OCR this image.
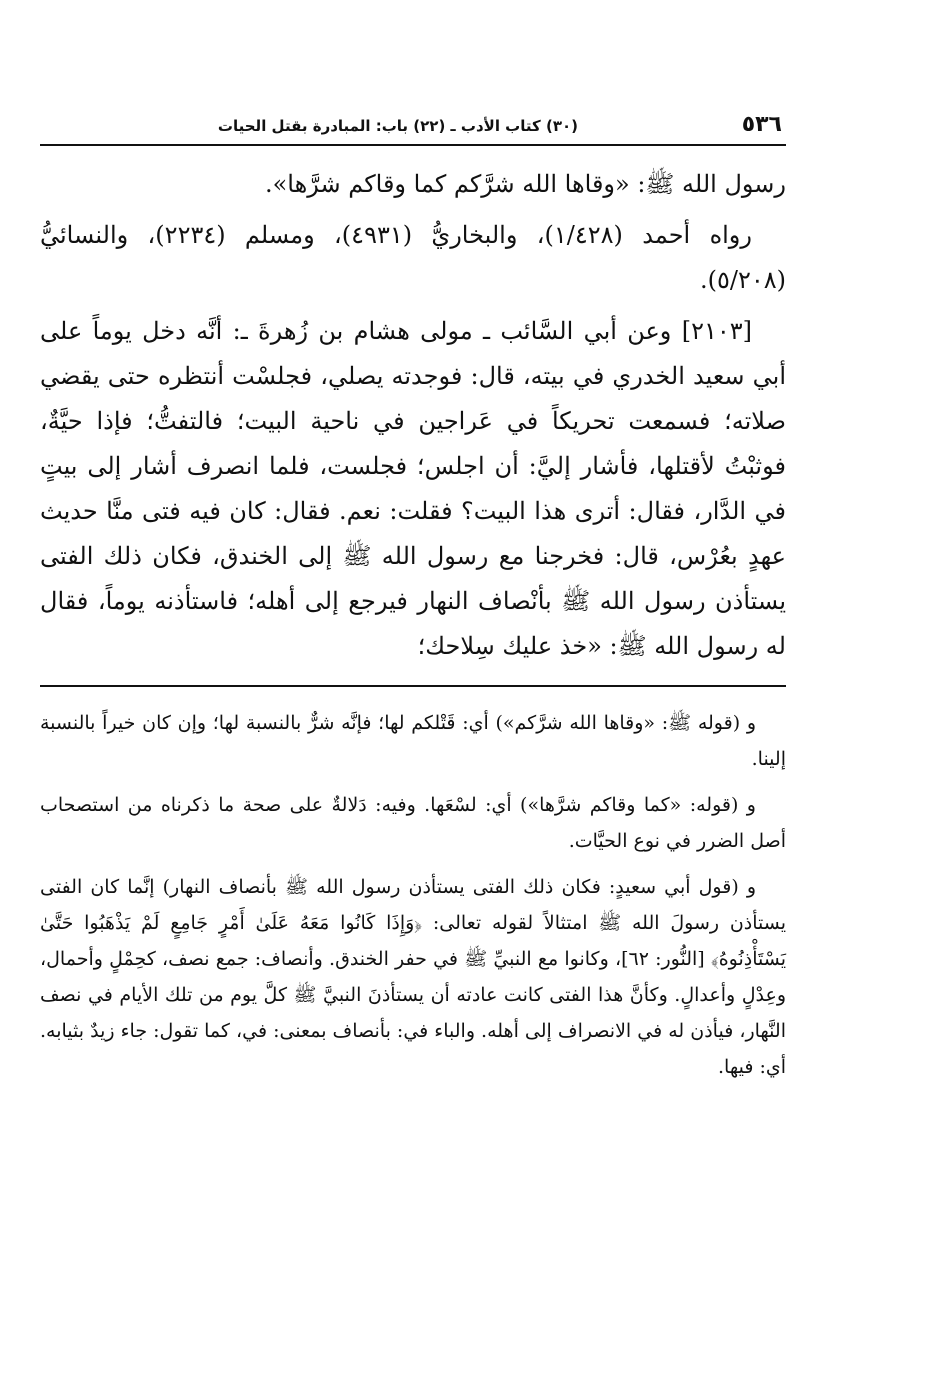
٥٣٦
(٣٠) كتاب الأدب ـ (٢٢) باب: المبادرة بقتل الحيات

رسول الله ﷺ: «وقاها الله شرَّكم كما وقاكم شرَّها».

رواه أحمد (١/٤٢٨)، والبخاريُّ (٤٩٣١)، ومسلم (٢٢٣٤)، والنسائيُّ (٥/٢٠٨).

[٢١٠٣] وعن أبي السَّائب ـ مولى هشام بن زُهرةَ ـ: أنَّه دخل يوماً على أبي سعيد الخدري في بيته، قال: فوجدته يصلي، فجلسْت أنتظره حتى يقضي صلاته؛ فسمعت تحريكاً في عَراجين في ناحية البيت؛ فالتفتُّ؛ فإذا حيَّةٌ، فوثبْتُ لأقتلها، فأشار إليَّ: أن اجلس؛ فجلست، فلما انصرف أشار إلى بيتٍ في الدَّار، فقال: أترى هذا البيت؟ فقلت: نعم. فقال: كان فيه فتى منَّا حديث عهدٍ بعُرْس، قال: فخرجنا مع رسول الله ﷺ إلى الخندق، فكان ذلك الفتى يستأذن رسول الله ﷺ بأنْصاف النهار فيرجع إلى أهله؛ فاستأذنه يوماً، فقال له رسول الله ﷺ: «خذ عليك سِلاحك؛

و (قوله ﷺ: «وقاها الله شرَّكم») أي: قَتْلكم لها؛ فإنَّه شرٌّ بالنسبة لها؛ وإن كان خيراً بالنسبة إلينا.

و (قوله: «كما وقاكم شرَّها») أي: لسْعَها. وفيه: دَلالةٌ على صحة ما ذكرناه من استصحاب أصل الضرر في نوع الحيَّات.

و (قول أبي سعيدٍ: فكان ذلك الفتى يستأذن رسول الله ﷺ بأنصاف النهار) إنَّما كان الفتى يستأذن رسولَ الله ﷺ امتثالاً لقوله تعالى: ﴿وَإِذَا كَانُوا مَعَهُ عَلَىٰ أَمْرٍ جَامِعٍ لَمْ يَذْهَبُوا حَتَّىٰ يَسْتَأْذِنُوهُ﴾ [النُّور: ٦٢]، وكانوا مع النبيِّ ﷺ في حفر الخندق. وأنصاف: جمع نصف، كحِمْلٍ وأحمال، وعِدْلٍ وأعدالٍ. وكأنَّ هذا الفتى كانت عادته أن يستأذنَ النبيَّ ﷺ كلَّ يوم من تلك الأيام في نصف النَّهار، فيأذن له في الانصراف إلى أهله. والباء في: بأنصاف بمعنى: في، كما تقول: جاء زيدٌ بثيابه. أي: فيها.
